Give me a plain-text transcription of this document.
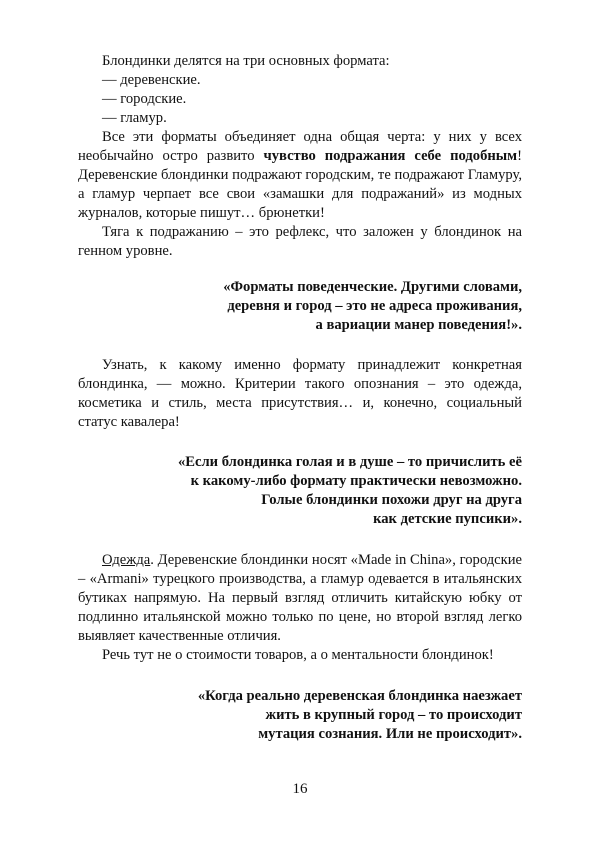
Блондинки делятся на три основных формата:

— деревенские.

— городские.

— гламур.

Все эти форматы объединяет одна общая черта: у них у всех необычайно остро развито чувство подражания себе подобным! Деревенские блондинки подражают городским, те подражают Гламуру, а гламур черпает все свои «замашки для подражаний» из модных журналов, которые пишут… брюнетки!

Тяга к подражанию – это рефлекс, что заложен у блондинок на генном уровне.

«Форматы поведенческие. Другими словами,
деревня и город – это не адреса проживания,
а вариации манер поведения!».

Узнать, к какому именно формату принадлежит конкретная блондинка, — можно. Критерии такого опознания – это одежда, косметика и стиль, места присутствия… и, конечно, социальный статус кавалера!

«Если блондинка голая и в душе – то причислить её
к какому-либо формату практически невозможно.
Голые блондинки похожи друг на друга
как детские пупсики».

Одежда. Деревенские блондинки носят «Made in China», городские – «Armani» турецкого производства, а гламур одевается в итальянских бутиках напрямую. На первый взгляд отличить китайскую юбку от подлинно итальянской можно только по цене, но второй взгляд легко выявляет качественные отличия.

Речь тут не о стоимости товаров, а о ментальности блондинок!

«Когда реально деревенская блондинка наезжает
жить в крупный город – то происходит
мутация сознания. Или не происходит».

16
